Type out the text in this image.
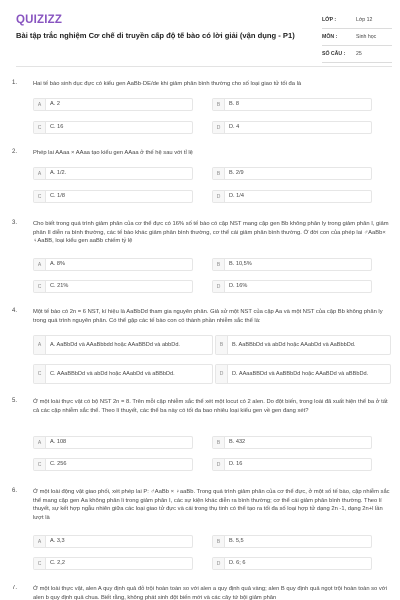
QUIZIZZ
Bài tập trắc nghiệm Cơ chế di truyền cấp độ tế bào có lời giải (vận dụng - P1)
LỚP :	Lớp 12
MÔN :	Sinh học
SỐ CÂU :	25
1.	Hai tế bào sinh dục đực có kiểu gen AaBb·DE/de khi giảm phân bình thường cho số loại giao tử tối đa là
A	A. 2	B	B. 8
C	C. 16	D	D. 4
2.	Phép lai AAaa × AAaa tạo kiểu gen AAaa ở thế hệ sau với tỉ lệ
A	A. 1/2.	B	B. 2/9
C	C. 1/8	D	D. 1/4
3.	Cho biết trong quá trình giảm phân của cơ thể đực có 16% số tế bào có cặp NST mang cặp gen Bb không phân ly trong giảm phân I, giảm phân II diễn ra bình thường, các tế bào khác giảm phân bình thường, cơ thể cái giảm phân bình thường. Ở đời con của phép lai ♂AaBb× ♀AaBB, loại kiểu gen aaBb chiếm tỷ lệ
A	A. 8%	B	B. 10,5%
C	C. 21%	D	D. 16%
4.	Một tế bào có 2n = 6 NST, kí hiệu là AaBbDd tham gia nguyên phân. Giả sử một NST của cặp Aa và một NST của cặp Bb không phân ly trong quá trình nguyên phân. Có thể gặp các tế bào con có thành phần nhiễm sắc thể là:
A	A. AaBbDd và AAaBbbdd hoặc AAaBBDd và abbDd.	B	B. AaBBbDd và abDd hoặc AAabDd và AaBbbDd.
C	C. AAaBBbDd và abDd hoặc AAabDd và aBBbDd.	D	D. AAaaBBDd và AaBBbDd hoặc AAaBDd và aBBbDd.
5.	Ở một loài thực vật có bộ NST 2n = 8. Trên mỗi cặp nhiễm sắc thể xét một locut có 2 alen. Do đột biến, trong loài đã xuất hiện thể ba ở tất cả các cặp nhiễm sắc thể. Theo lí thuyết, các thể ba này có tối đa bao nhiêu loại kiểu gen về gen đang xét?
A	A. 108	B	B. 432
C	C. 256	D	D. 16
6.	Ở một loài động vật giao phối, xét phép lai P: ♂AaBb × ♀aaBb. Trong quá trình giảm phân của cơ thể đực, ở một số tế bào, cặp nhiễm sắc thể mang cặp gen Aa không phân li trong giảm phân I, các sự kiện khác diễn ra bình thường; cơ thể cái giảm phân bình thường. Theo lí thuyết, sự kết hợp ngẫu nhiên giữa các loại giao tử đực và cái trong thụ tinh có thể tạo ra tối đa số loại hợp tử dạng 2n -1, dạng 2n+l lần lượt là
A	A. 3,3	B	B. 5,5
C	C. 2,2	D	D. 6; 6
7.	Ở một loài thực vật, alen A quy định quả đỏ trội hoàn toàn so với alen a quy định quả vàng; alen B quy định quả ngọt trội hoàn toàn so với alen b quy định quả chua. Biết rằng, không phát sinh đột biến mới và các cây tứ bội giảm phân
